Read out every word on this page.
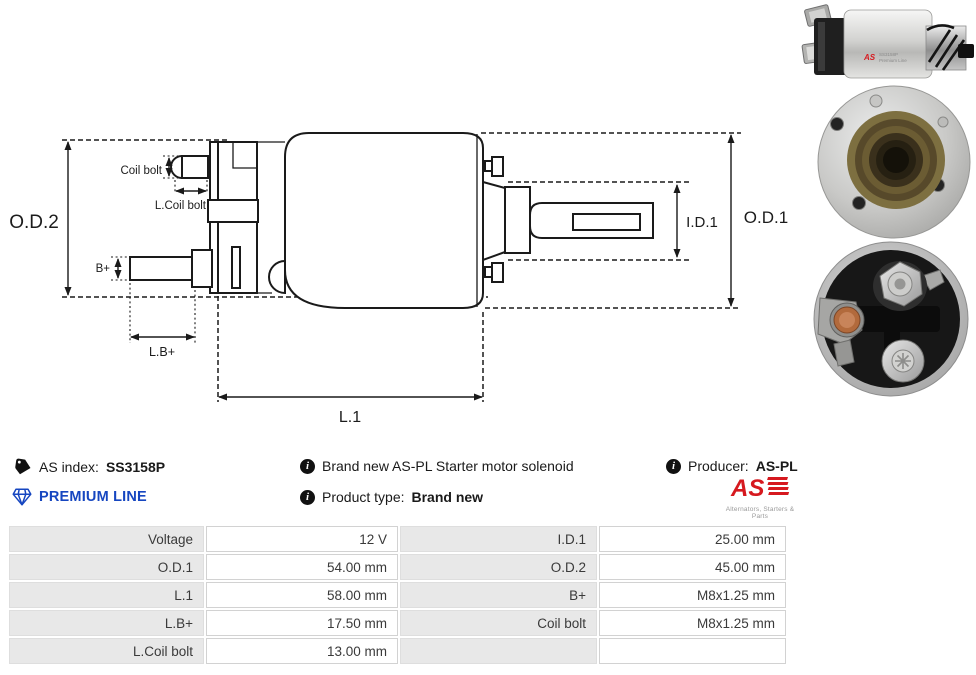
O.D.2	O.D.1
I.D.1
Coil bolt
L.Coil bolt
B+
L.B+
L.1
AS SS3158P
Premium Line
AS index: SS3158P
PREMIUM LINE
i Brand new AS-PL Starter motor solenoid
i Product type: Brand new
i Producer: AS-PL
AS
Alternators, Starters & Parts
Voltage	12 V	I.D.1	25.00 mm
O.D.1	54.00 mm	O.D.2	45.00 mm
L.1	58.00 mm	B+	M8x1.25 mm
L.B+	17.50 mm	Coil bolt	M8x1.25 mm
L.Coil bolt	13.00 mm
